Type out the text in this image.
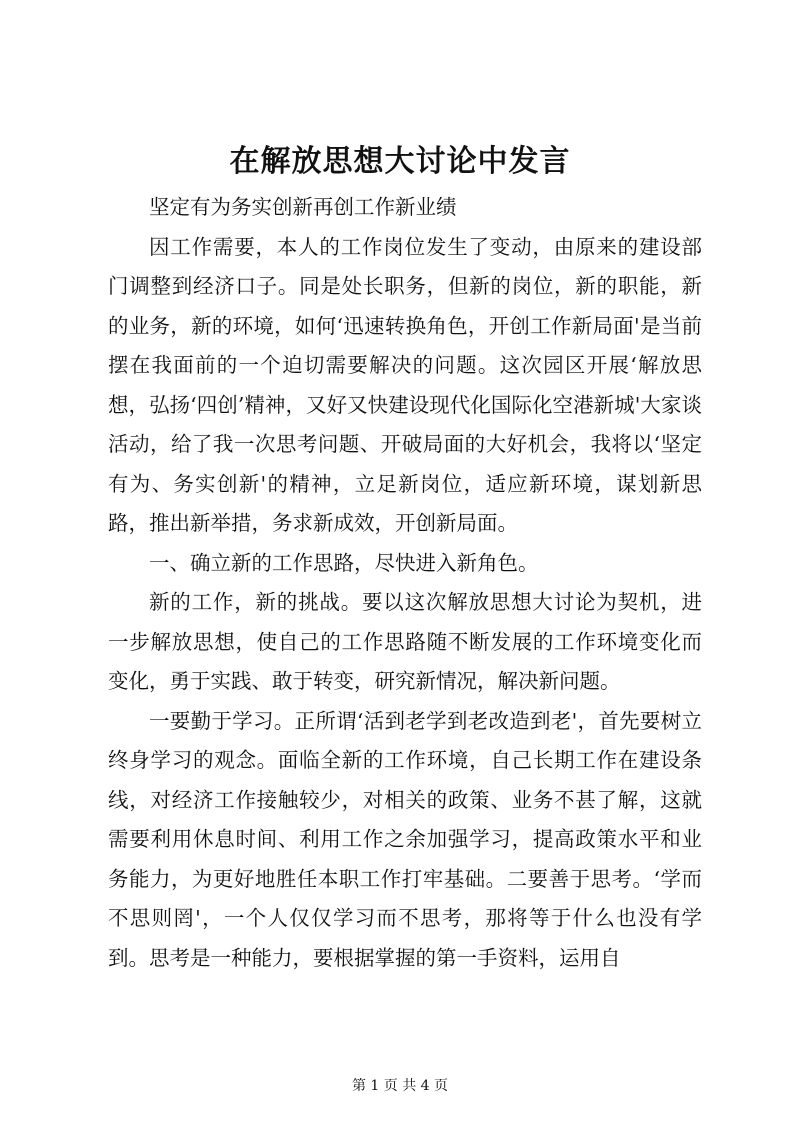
在解放思想大讨论中发言

坚定有为务实创新再创工作新业绩

因工作需要，本人的工作岗位发生了变动，由原来的建设部门调整到经济口子。同是处长职务，但新的岗位，新的职能，新的业务，新的环境，如何‘迅速转换角色，开创工作新局面'是当前摆在我面前的一个迫切需要解决的问题。这次园区开展‘解放思想，弘扬‘四创’精神，又好又快建设现代化国际化空港新城'大家谈活动，给了我一次思考问题、开破局面的大好机会，我将以‘坚定有为、务实创新'的精神，立足新岗位，适应新环境，谋划新思路，推出新举措，务求新成效，开创新局面。

一、确立新的工作思路，尽快进入新角色。

新的工作，新的挑战。要以这次解放思想大讨论为契机，进一步解放思想，使自己的工作思路随不断发展的工作环境变化而变化，勇于实践、敢于转变，研究新情况，解决新问题。

一要勤于学习。正所谓‘活到老学到老改造到老'，首先要树立终身学习的观念。面临全新的工作环境，自己长期工作在建设条线，对经济工作接触较少，对相关的政策、业务不甚了解，这就需要利用休息时间、利用工作之余加强学习，提高政策水平和业务能力，为更好地胜任本职工作打牢基础。二要善于思考。‘学而不思则罔'，一个人仅仅学习而不思考，那将等于什么也没有学到。思考是一种能力，要根据掌握的第一手资料，运用自

第 1 页 共 4 页
